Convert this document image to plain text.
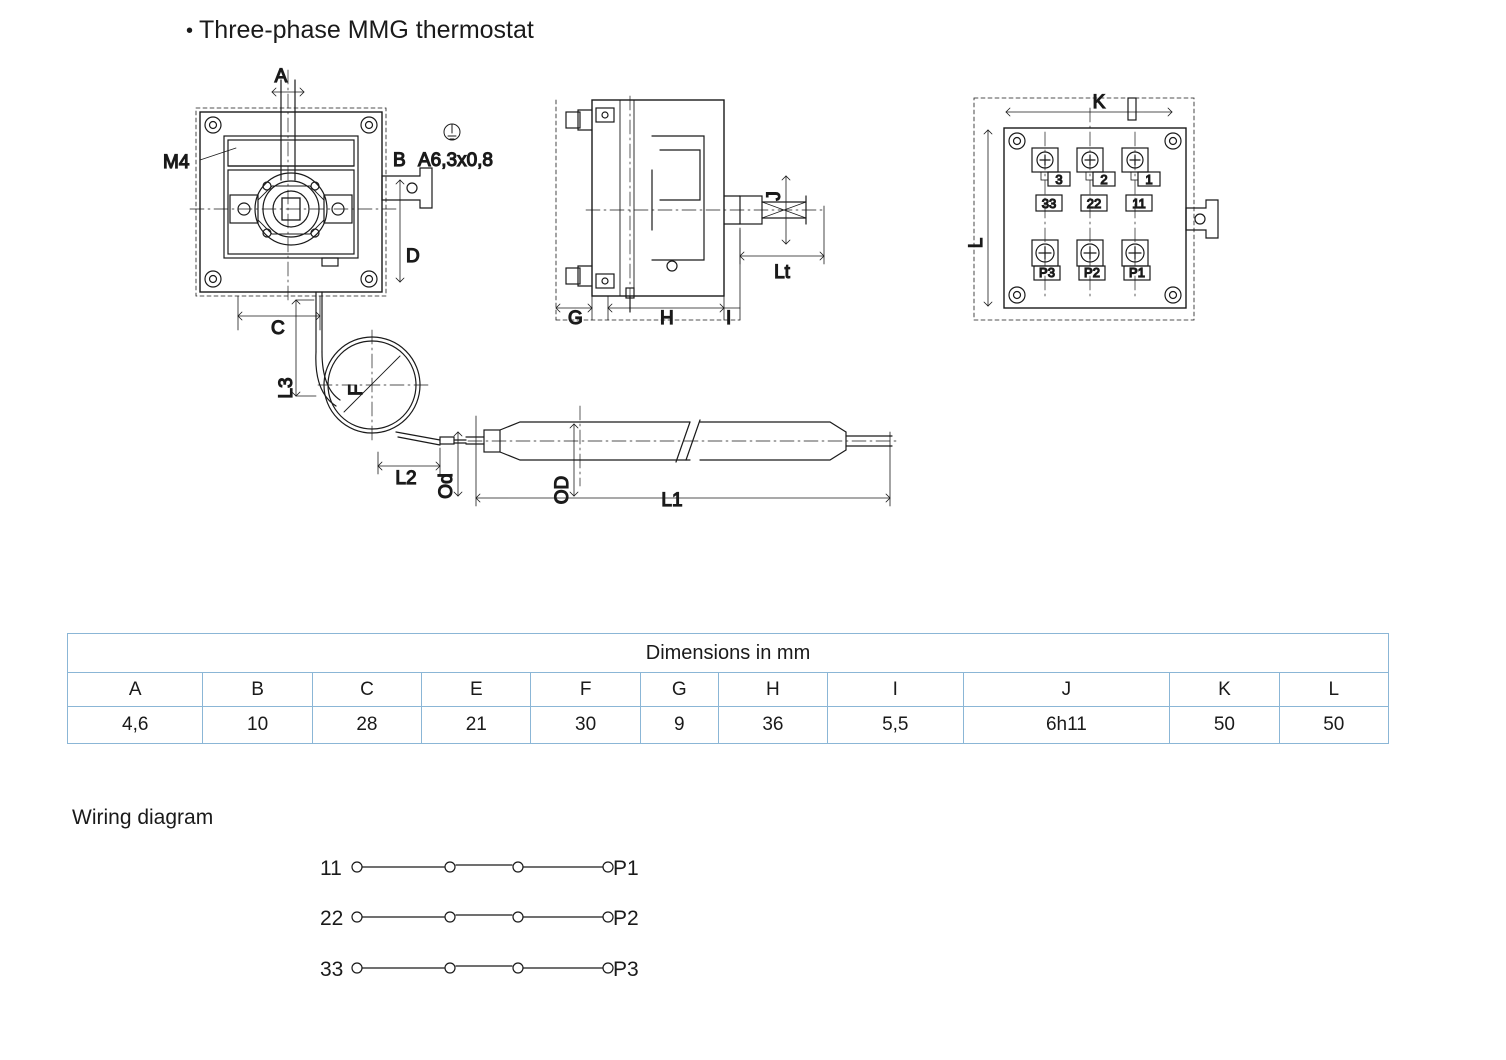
• Three-phase MMG thermostat
A
M4	B A6,3x0,8
D
C
L3	F
L2 Od
J
Lt
G	H	I
K
L
3	2	1
33 22 11
P3 P2 P1
OD	L1
11	P1
22	P2
33	P3
Dimensions in mm										
A	B	C	E	F	G	H	I	J	K	L
4,6	10	28	21	30	9	36	5,5	6h11	50	50
Wiring diagram
